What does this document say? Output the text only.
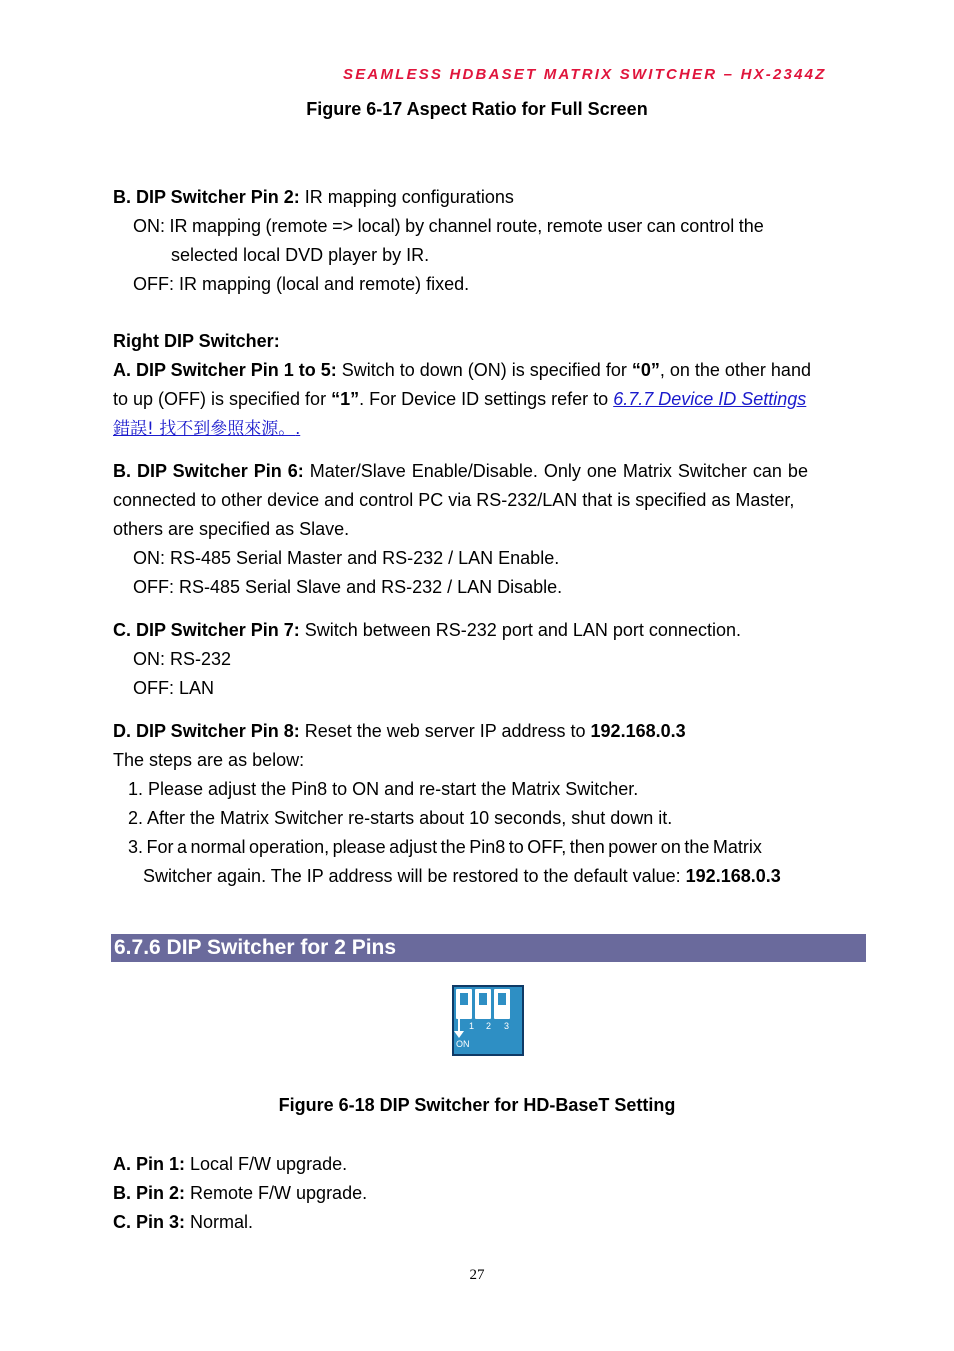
SEAMLESS HDBASET MATRIX SWITCHER – HX-2344Z
Figure 6-17 Aspect Ratio for Full Screen
B. DIP Switcher Pin 2: IR mapping configurations
ON: IR mapping (remote => local) by channel route, remote user can control the
selected local DVD player by IR.
OFF: IR mapping (local and remote) fixed.
Right DIP Switcher:
A. DIP Switcher Pin 1 to 5: Switch to down (ON) is specified for “0”, on the other hand
to up (OFF) is specified for “1”. For Device ID settings refer to 6.7.7 Device ID Settings
錯誤! 找不到參照來源。.
B. DIP Switcher Pin 6: Mater/Slave Enable/Disable. Only one Matrix Switcher can be
connected to other device and control PC via RS-232/LAN that is specified as Master,
others are specified as Slave.
ON: RS-485 Serial Master and RS-232 / LAN Enable.
OFF: RS-485 Serial Slave and RS-232 / LAN Disable.
C. DIP Switcher Pin 7: Switch between RS-232 port and LAN port connection.
ON: RS-232
OFF: LAN
D. DIP Switcher Pin 8: Reset the web server IP address to 192.168.0.3
The steps are as below:
1. Please adjust the Pin8 to ON and re-start the Matrix Switcher.
2. After the Matrix Switcher re-starts about 10 seconds, shut down it.
3. For a normal operation, please adjust the Pin8 to OFF, then power on the Matrix
Switcher again. The IP address will be restored to the default value: 192.168.0.3
6.7.6 DIP Switcher for 2 Pins
1 2 3
ON
Figure 6-18 DIP Switcher for HD-BaseT Setting
A. Pin 1: Local F/W upgrade.
B. Pin 2: Remote F/W upgrade.
C. Pin 3: Normal.
27
